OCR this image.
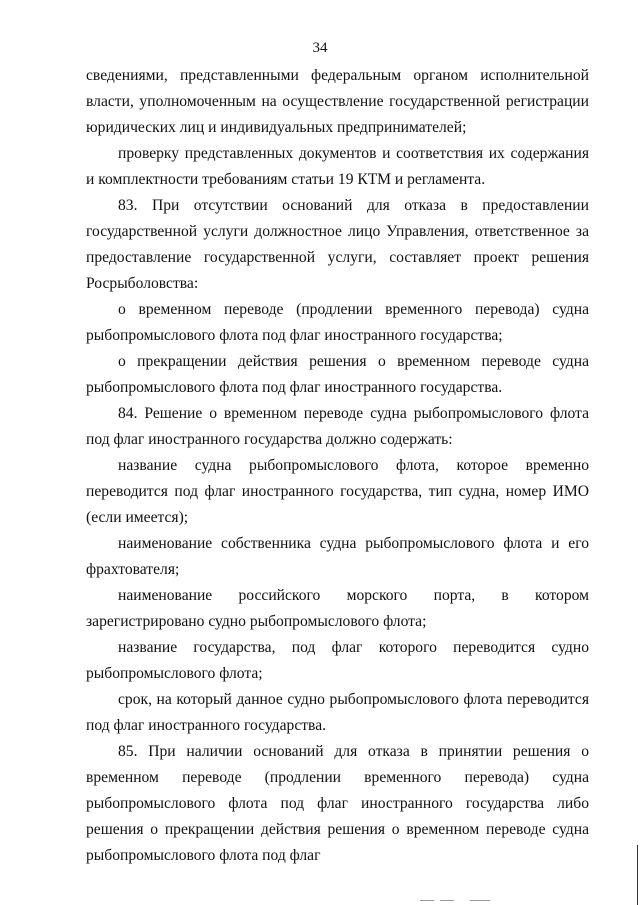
34

сведениями, представленными федеральным органом исполнительной власти, уполномоченным на осуществление государственной регистрации юридических лиц и индивидуальных предпринимателей;

проверку представленных документов и соответствия их содержания и комплектности требованиям статьи 19 КТМ и регламента.

83. При отсутствии оснований для отказа в предоставлении государственной услуги должностное лицо Управления, ответственное за предоставление государственной услуги, составляет проект решения Росрыболовства:

о временном переводе (продлении временного перевода) судна рыбопромыслового флота под флаг иностранного государства;

о прекращении действия решения о временном переводе судна рыбопромыслового флота под флаг иностранного государства.

84. Решение о временном переводе судна рыбопромыслового флота под флаг иностранного государства должно содержать:

название судна рыбопромыслового флота, которое временно переводится под флаг иностранного государства, тип судна, номер ИМО (если имеется);

наименование собственника судна рыбопромыслового флота и его фрахтователя;

наименование российского морского порта, в котором зарегистрировано судно рыбопромыслового флота;

название государства, под флаг которого переводится судно рыбопромыслового флота;

срок, на который данное судно рыбопромыслового флота переводится под флаг иностранного государства.

85. При наличии оснований для отказа в принятии решения о временном переводе (продлении временного перевода) судна рыбопромыслового флота под флаг иностранного государства либо решения о прекращении действия решения о временном переводе судна рыбопромыслового флота под флаг
